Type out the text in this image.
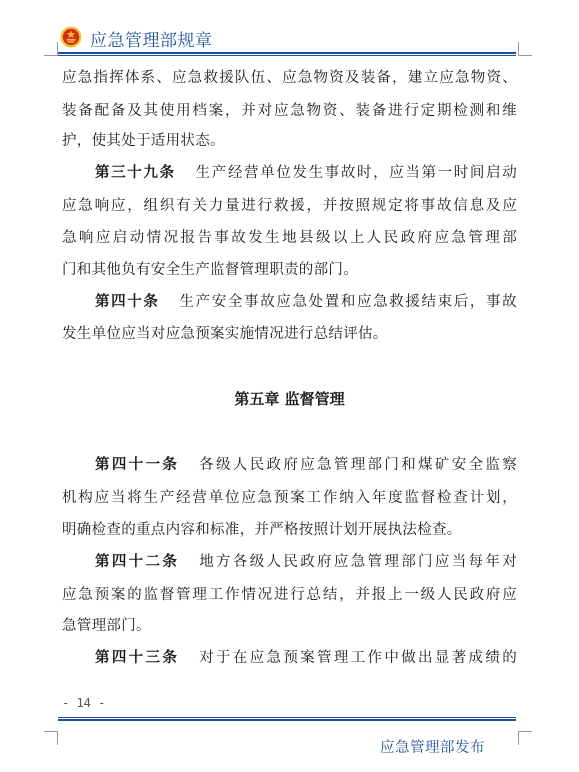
应急管理部规章
应急指挥体系、应急救援队伍、应急物资及装备，建立应急物资、
装备配备及其使用档案，并对应急物资、装备进行定期检测和维
护，使其处于适用状态。
第三十九条 生产经营单位发生事故时，应当第一时间启动
应急响应，组织有关力量进行救援，并按照规定将事故信息及应
急响应启动情况报告事故发生地县级以上人民政府应急管理部
门和其他负有安全生产监督管理职责的部门。
第四十条 生产安全事故应急处置和应急救援结束后，事故
发生单位应当对应急预案实施情况进行总结评估。
第五章 监督管理
第四十一条 各级人民政府应急管理部门和煤矿安全监察
机构应当将生产经营单位应急预案工作纳入年度监督检查计划，
明确检查的重点内容和标准，并严格按照计划开展执法检查。
第四十二条 地方各级人民政府应急管理部门应当每年对
应急预案的监督管理工作情况进行总结，并报上一级人民政府应
急管理部门。
第四十三条 对于在应急预案管理工作中做出显著成绩的
- 14 -
应急管理部发布
